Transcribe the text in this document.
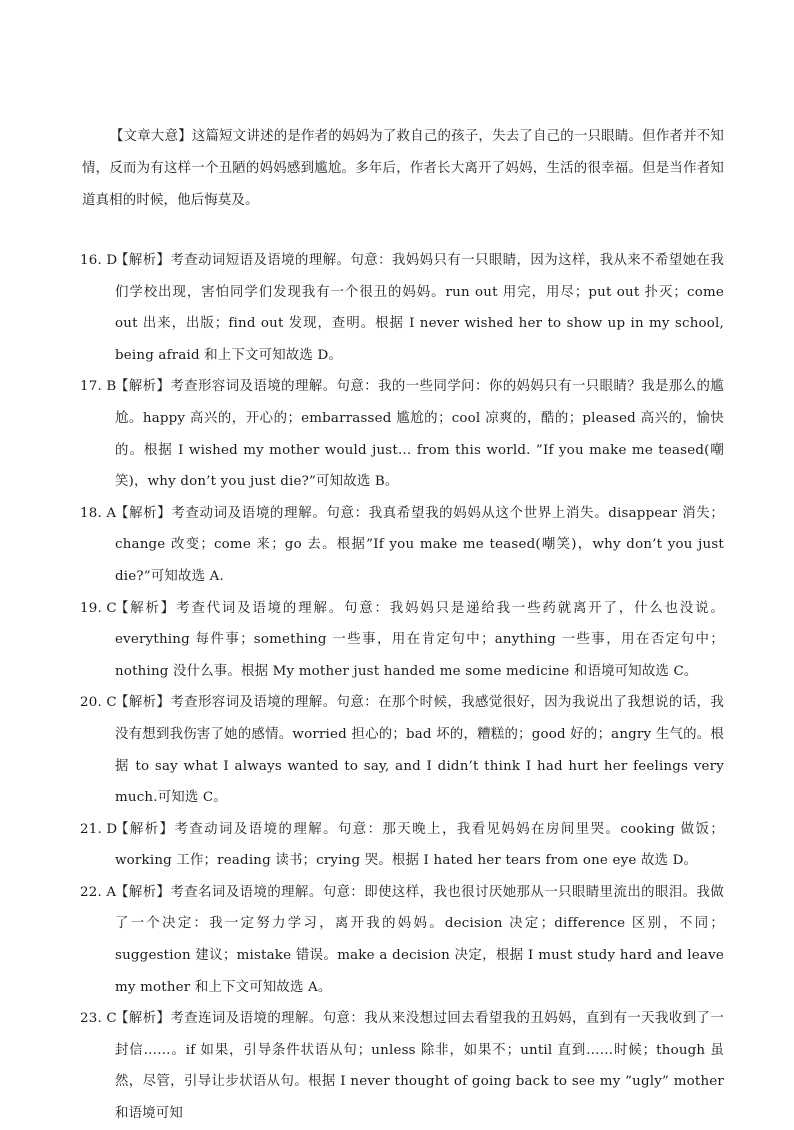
【文章大意】这篇短文讲述的是作者的妈妈为了救自己的孩子，失去了自己的一只眼睛。但作者并不知情，反而为有这样一个丑陋的妈妈感到尴尬。多年后，作者长大离开了妈妈，生活的很幸福。但是当作者知道真相的时候，他后悔莫及。

16. D
【解析】考查动词短语及语境的理解。句意：我妈妈只有一只眼睛，因为这样，我从来不希望她在我们学校出现，害怕同学们发现我有一个很丑的妈妈。run out 用完，用尽；put out 扑灭；come out 出来，出版；find out 发现，查明。根据 I never wished her to show up in my school, being afraid 和上下文可知故选 D。
17. B
【解析】考查形容词及语境的理解。句意：我的一些同学问：你的妈妈只有一只眼睛？我是那么的尴尬。happy 高兴的，开心的；embarrassed 尴尬的；cool 凉爽的，酷的；pleased 高兴的，愉快的。根据 I wished my mother would just… from this world. ”If you make me teased(嘲笑)，why don’t you just die?”可知故选 B。
18. A
【解析】考查动词及语境的理解。句意：我真希望我的妈妈从这个世界上消失。disappear 消失；change 改变；come 来；go 去。根据”If you make me teased(嘲笑)，why don’t you just die?”可知故选 A.
19. C
【解析】考查代词及语境的理解。句意：我妈妈只是递给我一些药就离开了，什么也没说。everything 每件事；something 一些事，用在肯定句中；anything 一些事，用在否定句中；nothing 没什么事。根据 My mother just handed me some medicine 和语境可知故选 C。
20. C
【解析】考查形容词及语境的理解。句意：在那个时候，我感觉很好，因为我说出了我想说的话，我没有想到我伤害了她的感情。worried 担心的；bad 坏的，糟糕的；good 好的；angry 生气的。根据 to say what I always wanted to say, and I didn’t think I had hurt her feelings very much.可知选 C。
21. D
【解析】考查动词及语境的理解。句意：那天晚上，我看见妈妈在房间里哭。cooking 做饭；working 工作；reading 读书；crying 哭。根据 I hated her tears from one eye 故选 D。
22. A
【解析】考查名词及语境的理解。句意：即使这样，我也很讨厌她那从一只眼睛里流出的眼泪。我做了一个决定：我一定努力学习，离开我的妈妈。decision 决定；difference 区别，不同；suggestion 建议；mistake 错误。make a decision 决定，根据 I must study hard and leave my mother 和上下文可知故选 A。
23. C
【解析】考查连词及语境的理解。句意：我从来没想过回去看望我的丑妈妈，直到有一天我收到了一封信……。if 如果，引导条件状语从句；unless 除非，如果不；until 直到……时候；though 虽然，尽管，引导让步状语从句。根据 I never thought of going back to see my ”ugly” mother 和语境可知
